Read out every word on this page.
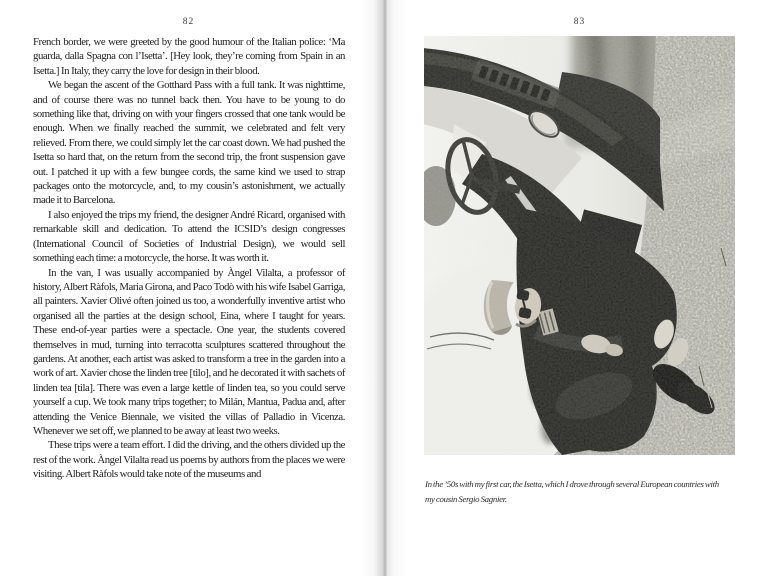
82

French border, we were greeted by the good humour of the Italian police: ‘Ma guarda, dalla Spagna con l’Isetta’. [Hey look, they’re coming from Spain in an Isetta.] In Italy, they carry the love for design in their blood.

We began the ascent of the Gotthard Pass with a full tank. It was nighttime, and of course there was no tunnel back then. You have to be young to do something like that, driving on with your fingers crossed that one tank would be enough. When we finally reached the summit, we celebrated and felt very relieved. From there, we could simply let the car coast down. We had pushed the Isetta so hard that, on the return from the second trip, the front suspension gave out. I patched it up with a few bungee cords, the same kind we used to strap packages onto the motorcycle, and, to my cousin’s astonishment, we actually made it to Barcelona.

I also enjoyed the trips my friend, the designer André Ricard, organised with remarkable skill and dedication. To attend the ICSID’s design congresses (International Council of Societies of Industrial Design), we would sell something each time: a motorcycle, the horse. It was worth it.

In the van, I was usually accompanied by Àngel Vilalta, a professor of history, Albert Ràfols, Maria Girona, and Paco Todò with his wife Isabel Garriga, all painters. Xavier Olivé often joined us too, a wonderfully inventive artist who organised all the parties at the design school, Eina, where I taught for years. These end-of-year parties were a spectacle. One year, the students covered themselves in mud, turning into terracotta sculptures scattered throughout the gardens. At another, each artist was asked to transform a tree in the garden into a work of art. Xavier chose the linden tree [tilo], and he decorated it with sachets of linden tea [tila]. There was even a large kettle of linden tea, so you could serve yourself a cup. We took many trips together; to Milán, Mantua, Padua and, after attending the Venice Biennale, we visited the villas of Palladio in Vicenza. Whenever we set off, we planned to be away at least two weeks.

These trips were a team effort. I did the driving, and the others divided up the rest of the work. Àngel Vilalta read us poems by authors from the places we were visiting. Albert Ràfols would take note of the museums and

83
In the ’50s with my first car, the Isetta, which I drove through several European countries with my cousin Sergio Sagnier.
